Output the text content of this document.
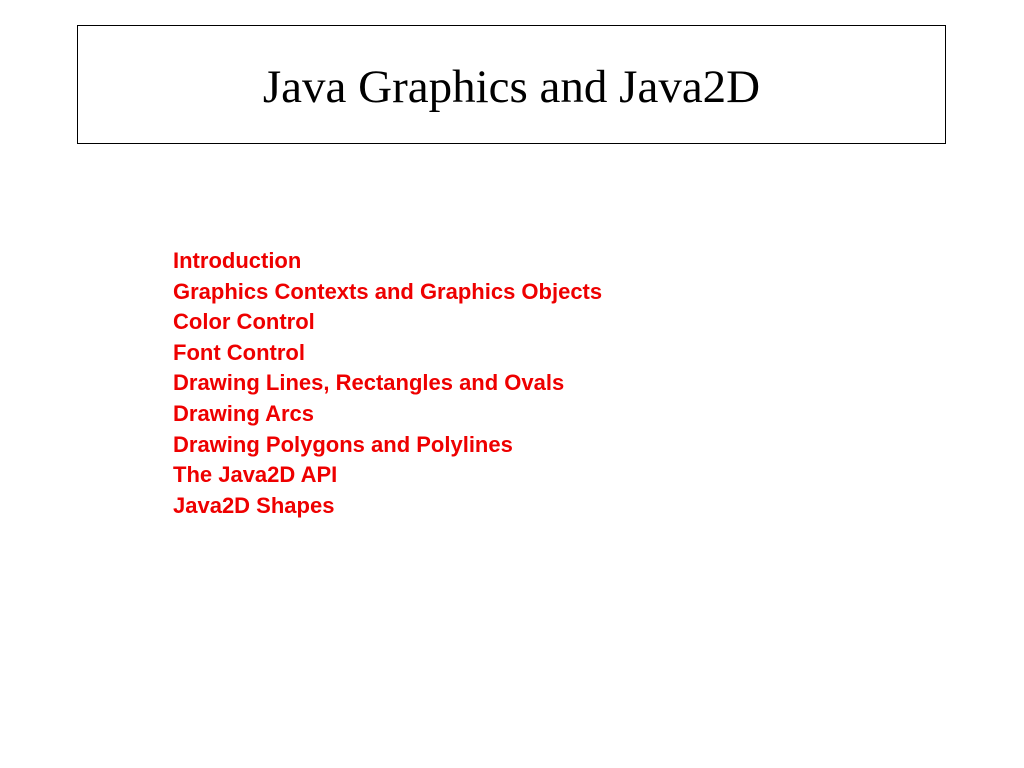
Java Graphics and Java2D
Introduction
Graphics Contexts and Graphics Objects
Color Control
Font Control
Drawing Lines, Rectangles and Ovals
Drawing Arcs
Drawing Polygons and Polylines
The Java2D API
Java2D Shapes
